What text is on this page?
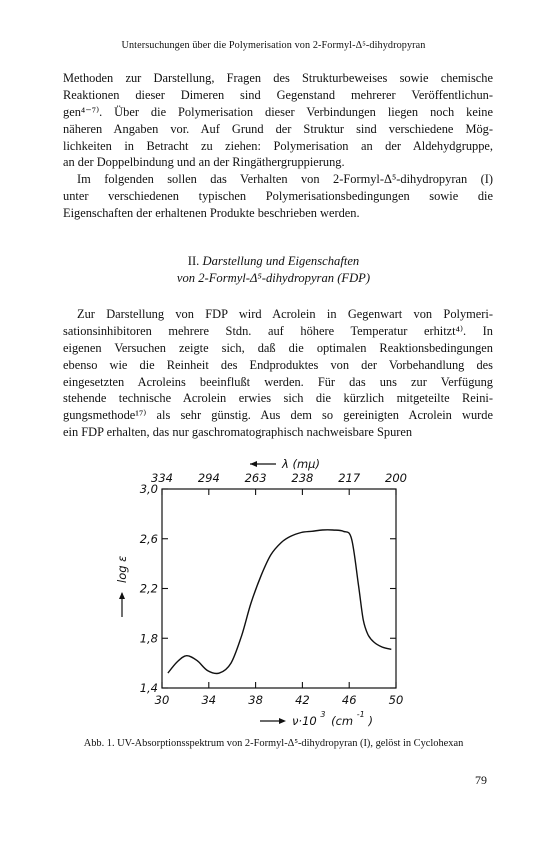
Untersuchungen über die Polymerisation von 2-Formyl-Δ⁵-dihydropyran
Methoden zur Darstellung, Fragen des Strukturbeweises sowie chemische
Reaktionen dieser Dimeren sind Gegenstand mehrerer Veröffentlichun-
gen⁴⁻⁷⁾. Über die Polymerisation dieser Verbindungen liegen noch keine
näheren Angaben vor. Auf Grund der Struktur sind verschiedene Mög-
lichkeiten in Betracht zu ziehen: Polymerisation an der Aldehydgruppe,
an der Doppelbindung und an der Ringäthergruppierung.
Im folgenden sollen das Verhalten von 2-Formyl-Δ⁵-dihydropyran (I)
unter verschiedenen typischen Polymerisationsbedingungen sowie die
Eigenschaften der erhaltenen Produkte beschrieben werden.
II. Darstellung und Eigenschaften
von 2-Formyl-Δ⁵-dihydropyran (FDP)
Zur Darstellung von FDP wird Acrolein in Gegenwart von Polymeri-
sationsinhibitoren mehrere Stdn. auf höhere Temperatur erhitzt⁴⁾. In
eigenen Versuchen zeigte sich, daß die optimalen Reaktionsbedingungen
ebenso wie die Reinheit des Endproduktes von der Vorbehandlung des
eingesetzten Acroleins beeinflußt werden. Für das uns zur Verfügung
stehende technische Acrolein erwies sich die kürzlich mitgeteilte Reini-
gungsmethode¹⁷⁾ als sehr günstig. Aus dem so gereinigten Acrolein wurde
ein FDP erhalten, das nur gaschromatographisch nachweisbare Spuren
λ (mμ)
334 294 263 238 217 200
3,0
2,6
2,2
1,8
1,4
30	34	38	42	46	50
log ε
ν·10 $^3$ (cm $^{-1}$ )
Abb. 1. UV-Absorptionsspektrum von 2-Formyl-Δ⁵-dihydropyran (I), gelöst in Cyclohexan
79
